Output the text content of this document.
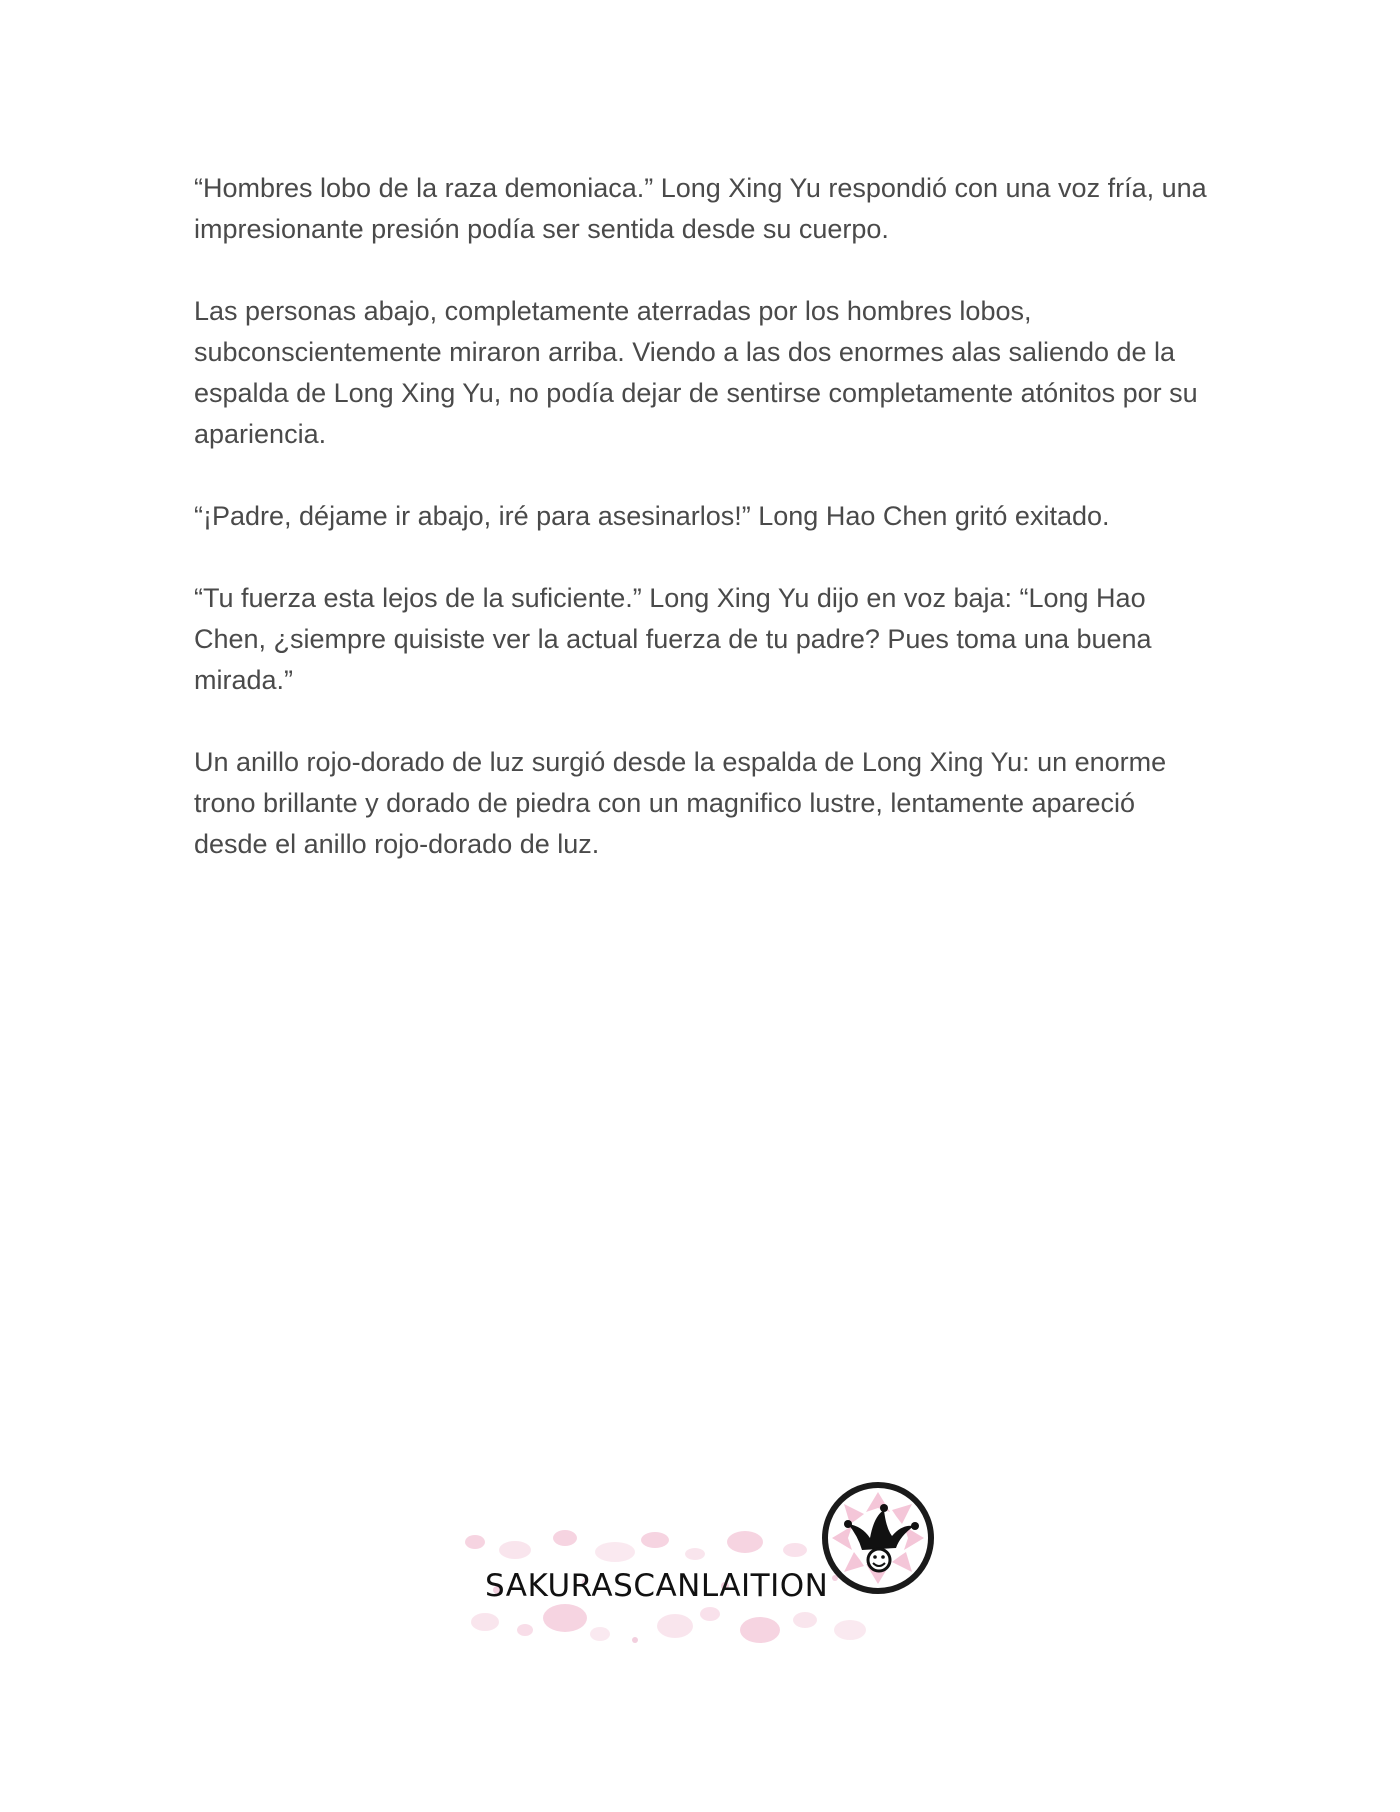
“Hombres lobo de la raza demoniaca.” Long Xing Yu respondió con una voz fría, una impresionante presión podía ser sentida desde su cuerpo.

Las personas abajo, completamente aterradas por los hombres lobos, subconscientemente miraron arriba. Viendo a las dos enormes alas saliendo de la espalda de Long Xing Yu, no podía dejar de sentirse completamente atónitos por su apariencia.

“¡Padre, déjame ir abajo, iré para asesinarlos!” Long Hao Chen gritó exitado.

“Tu fuerza esta lejos de la suficiente.” Long Xing Yu dijo en voz baja: “Long Hao Chen, ¿siempre quisiste ver la actual fuerza de tu padre? Pues toma una buena mirada.”

Un anillo rojo-dorado de luz surgió desde la espalda de Long Xing Yu: un enorme trono brillante y dorado de piedra con un magnifico lustre, lentamente apareció desde el anillo rojo-dorado de luz.

SAKURASCANLAITION
